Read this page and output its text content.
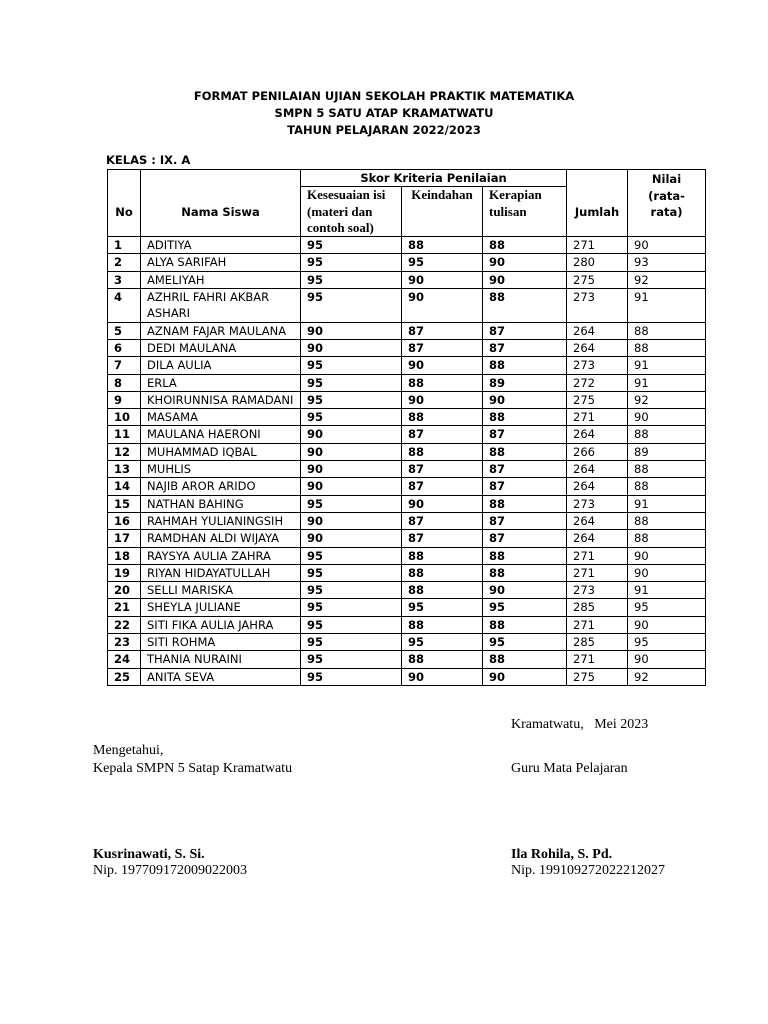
FORMAT PENILAIAN UJIAN SEKOLAH PRAKTIK MATEMATIKA
SMPN 5 SATU ATAP KRAMATWATU
TAHUN PELAJARAN 2022/2023
KELAS : IX. A
No	Nama Siswa	Skor Kriteria Penilaian			Jumlah	Nilai (rata-rata)
		Kesesuaian isi (materi dan contoh soal)	Keindahan	Kerapian tulisan		
1	ADITIYA	95	88	88	271	90
2	ALYA SARIFAH	95	95	90	280	93
3	AMELIYAH	95	90	90	275	92
4	AZHRIL FAHRI AKBAR ASHARI	95	90	88	273	91
5	AZNAM FAJAR MAULANA	90	87	87	264	88
6	DEDI MAULANA	90	87	87	264	88
7	DILA AULIA	95	90	88	273	91
8	ERLA	95	88	89	272	91
9	KHOIRUNNISA RAMADANI	95	90	90	275	92
10	MASAMA	95	88	88	271	90
11	MAULANA HAERONI	90	87	87	264	88
12	MUHAMMAD IQBAL	90	88	88	266	89
13	MUHLIS	90	87	87	264	88
14	NAJIB AROR ARIDO	90	87	87	264	88
15	NATHAN BAHING	95	90	88	273	91
16	RAHMAH YULIANINGSIH	90	87	87	264	88
17	RAMDHAN ALDI WIJAYA	90	87	87	264	88
18	RAYSYA AULIA ZAHRA	95	88	88	271	90
19	RIYAN HIDAYATULLAH	95	88	88	271	90
20	SELLI MARISKA	95	88	90	273	91
21	SHEYLA JULIANE	95	95	95	285	95
22	SITI FIKA AULIA JAHRA	95	88	88	271	90
23	SITI ROHMA	95	95	95	285	95
24	THANIA NURAINI	95	88	88	271	90
25	ANITA SEVA	95	90	90	275	92
Kramatwatu,   Mei 2023
Mengetahui,
Kepala SMPN 5 Satap Kramatwatu	Guru Mata Pelajaran
Kusrinawati, S. Si.
Nip. 197709172009022003
Ila Rohila, S. Pd.
Nip. 199109272022212027
